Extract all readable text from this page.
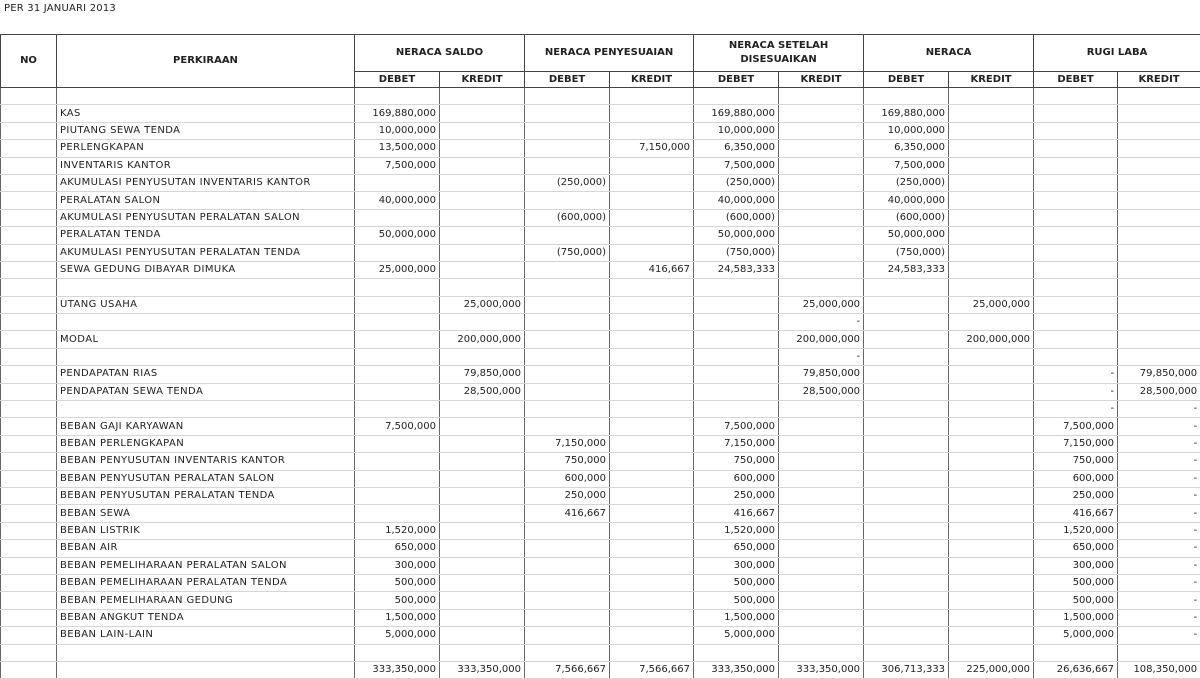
PER 31 JANUARI 2013
NO	PERKIRAAN	NERACA SALDO		NERACA PENYESUAIAN		NERACA SETELAH DISESUAIKAN		NERACA		RUGI LABA	
		DEBET	KREDIT	DEBET	KREDIT	DEBET	KREDIT	DEBET	KREDIT	DEBET	KREDIT

	KAS	169,880,000				169,880,000		169,880,000			
	PIUTANG SEWA TENDA	10,000,000				10,000,000		10,000,000			
	PERLENGKAPAN	13,500,000			7,150,000	6,350,000		6,350,000			
	INVENTARIS KANTOR	7,500,000				7,500,000		7,500,000			
	AKUMULASI PENYUSUTAN INVENTARIS KANTOR			(250,000)		(250,000)		(250,000)			
	PERALATAN SALON	40,000,000				40,000,000		40,000,000			
	AKUMULASI PENYUSUTAN PERALATAN SALON			(600,000)		(600,000)		(600,000)			
	PERALATAN TENDA	50,000,000				50,000,000		50,000,000			
	AKUMULASI PENYUSUTAN PERALATAN TENDA			(750,000)		(750,000)		(750,000)			
	SEWA GEDUNG DIBAYAR DIMUKA	25,000,000			416,667	24,583,333		24,583,333			

	UTANG USAHA		25,000,000				25,000,000		25,000,000		
							-				
	MODAL		200,000,000				200,000,000		200,000,000		
							-				
	PENDAPATAN RIAS		79,850,000				79,850,000			-	79,850,000
	PENDAPATAN SEWA TENDA		28,500,000				28,500,000			-	28,500,000
										-	-
	BEBAN GAJI KARYAWAN	7,500,000				7,500,000				7,500,000	-
	BEBAN PERLENGKAPAN			7,150,000		7,150,000				7,150,000	-
	BEBAN PENYUSUTAN INVENTARIS KANTOR			750,000		750,000				750,000	-
	BEBAN PENYUSUTAN PERALATAN SALON			600,000		600,000				600,000	-
	BEBAN PENYUSUTAN PERALATAN TENDA			250,000		250,000				250,000	-
	BEBAN SEWA			416,667		416,667				416,667	-
	BEBAN LISTRIK	1,520,000				1,520,000				1,520,000	-
	BEBAN AIR	650,000				650,000				650,000	-
	BEBAN PEMELIHARAAN PERALATAN SALON	300,000				300,000				300,000	-
	BEBAN PEMELIHARAAN PERALATAN TENDA	500,000				500,000				500,000	-
	BEBAN PEMELIHARAAN GEDUNG	500,000				500,000				500,000	-
	BEBAN ANGKUT TENDA	1,500,000				1,500,000				1,500,000	-
	BEBAN LAIN-LAIN	5,000,000				5,000,000				5,000,000	-

		333,350,000	333,350,000	7,566,667	7,566,667	333,350,000	333,350,000	306,713,333	225,000,000	26,636,667	108,350,000
